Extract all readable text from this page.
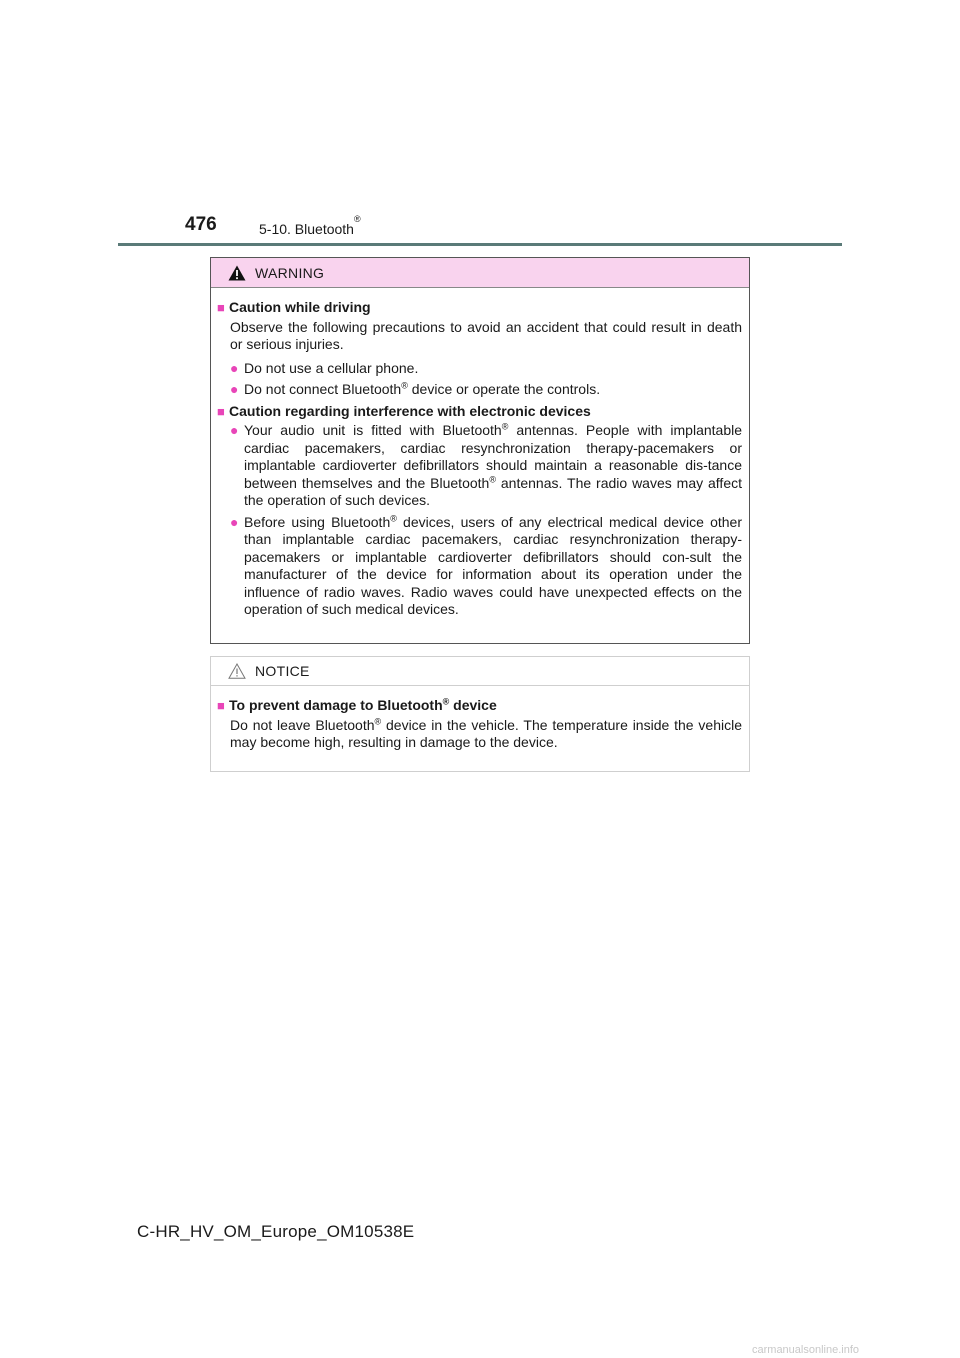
476	5-10. Bluetooth®
WARNING
■ Caution while driving
Observe the following precautions to avoid an accident that could result in death or serious injuries.
● Do not use a cellular phone.
● Do not connect Bluetooth® device or operate the controls.
■ Caution regarding interference with electronic devices
● Your audio unit is fitted with Bluetooth® antennas. People with implantable cardiac pacemakers, cardiac resynchronization therapy-pacemakers or implantable cardioverter defibrillators should maintain a reasonable dis-tance between themselves and the Bluetooth® antennas. The radio waves may affect the operation of such devices.
● Before using Bluetooth® devices, users of any electrical medical device other than implantable cardiac pacemakers, cardiac resynchronization therapy-pacemakers or implantable cardioverter defibrillators should con-sult the manufacturer of the device for information about its operation under the influence of radio waves. Radio waves could have unexpected effects on the operation of such medical devices.
NOTICE
■ To prevent damage to Bluetooth® device
Do not leave Bluetooth® device in the vehicle. The temperature inside the vehicle may become high, resulting in damage to the device.
C-HR_HV_OM_Europe_OM10538E
carmanualsonline.info
